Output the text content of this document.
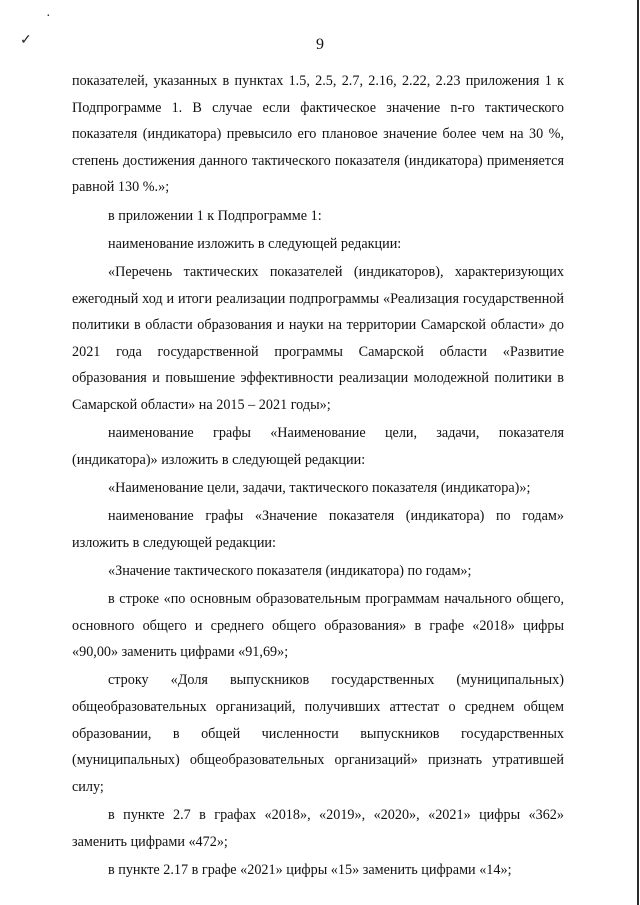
·
✓	9

показателей, указанных в пунктах 1.5, 2.5, 2.7, 2.16, 2.22, 2.23 приложения 1 к Подпрограмме 1. В случае если фактическое значение n-го тактического показателя (индикатора) превысило его плановое значение более чем на 30 %, степень достижения данного тактического показателя (индикатора) применяется равной 130 %.»;

в приложении 1 к Подпрограмме 1:

наименование изложить в следующей редакции:

«Перечень тактических показателей (индикаторов), характеризующих ежегодный ход и итоги реализации подпрограммы «Реализация государственной политики в области образования и науки на территории Самарской области» до 2021 года государственной программы Самарской области «Развитие образования и повышение эффективности реализации молодежной политики в Самарской области» на 2015 – 2021 годы»;

наименование графы «Наименование цели, задачи, показателя (индикатора)» изложить в следующей редакции:

«Наименование цели, задачи, тактического показателя (индикатора)»;

наименование графы «Значение показателя (индикатора) по годам» изложить в следующей редакции:

«Значение тактического показателя (индикатора) по годам»;

в строке «по основным образовательным программам начального общего, основного общего и среднего общего образования» в графе «2018» цифры «90,00» заменить цифрами «91,69»;

строку «Доля выпускников государственных (муниципальных) общеобразовательных организаций, получивших аттестат о среднем общем образовании, в общей численности выпускников государственных (муниципальных) общеобразовательных организаций» признать утратившей силу;

в пункте 2.7 в графах «2018», «2019», «2020», «2021» цифры «362» заменить цифрами «472»;

в пункте 2.17 в графе «2021» цифры «15» заменить цифрами «14»;
